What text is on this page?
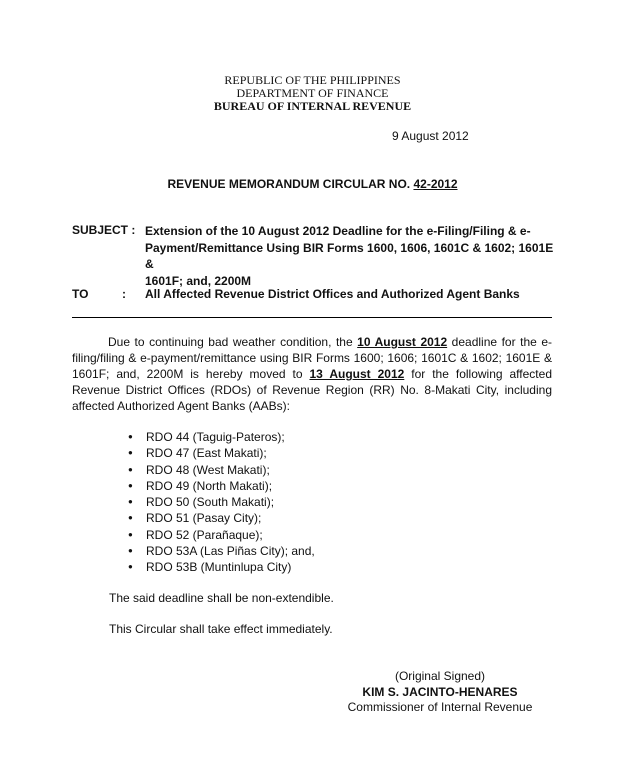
REPUBLIC OF THE PHILIPPINES
DEPARTMENT OF FINANCE
BUREAU OF INTERNAL REVENUE
9 August 2012
REVENUE MEMORANDUM CIRCULAR NO. 42-2012
SUBJECT : Extension of the 10 August 2012 Deadline for the e-Filing/Filing & e-
Payment/Remittance Using BIR Forms 1600, 1606, 1601C & 1602; 1601E &
1601F; and, 2200M
TO	: All Affected Revenue District Offices and Authorized Agent Banks
Due to continuing bad weather condition, the 10 August 2012 deadline for the e-filing/filing & e-payment/remittance using BIR Forms 1600; 1606; 1601C & 1602; 1601E & 1601F; and, 2200M is hereby moved to 13 August 2012 for the following affected Revenue District Offices (RDOs) of Revenue Region (RR) No. 8-Makati City, including affected Authorized Agent Banks (AABs):
● RDO 44 (Taguig-Pateros);
● RDO 47 (East Makati);
● RDO 48 (West Makati);
● RDO 49 (North Makati);
● RDO 50 (South Makati);
● RDO 51 (Pasay City);
● RDO 52 (Parañaque);
● RDO 53A (Las Piñas City); and,
● RDO 53B (Muntinlupa City)
The said deadline shall be non-extendible.
This Circular shall take effect immediately.
(Original Signed)
KIM S. JACINTO-HENARES
Commissioner of Internal Revenue
